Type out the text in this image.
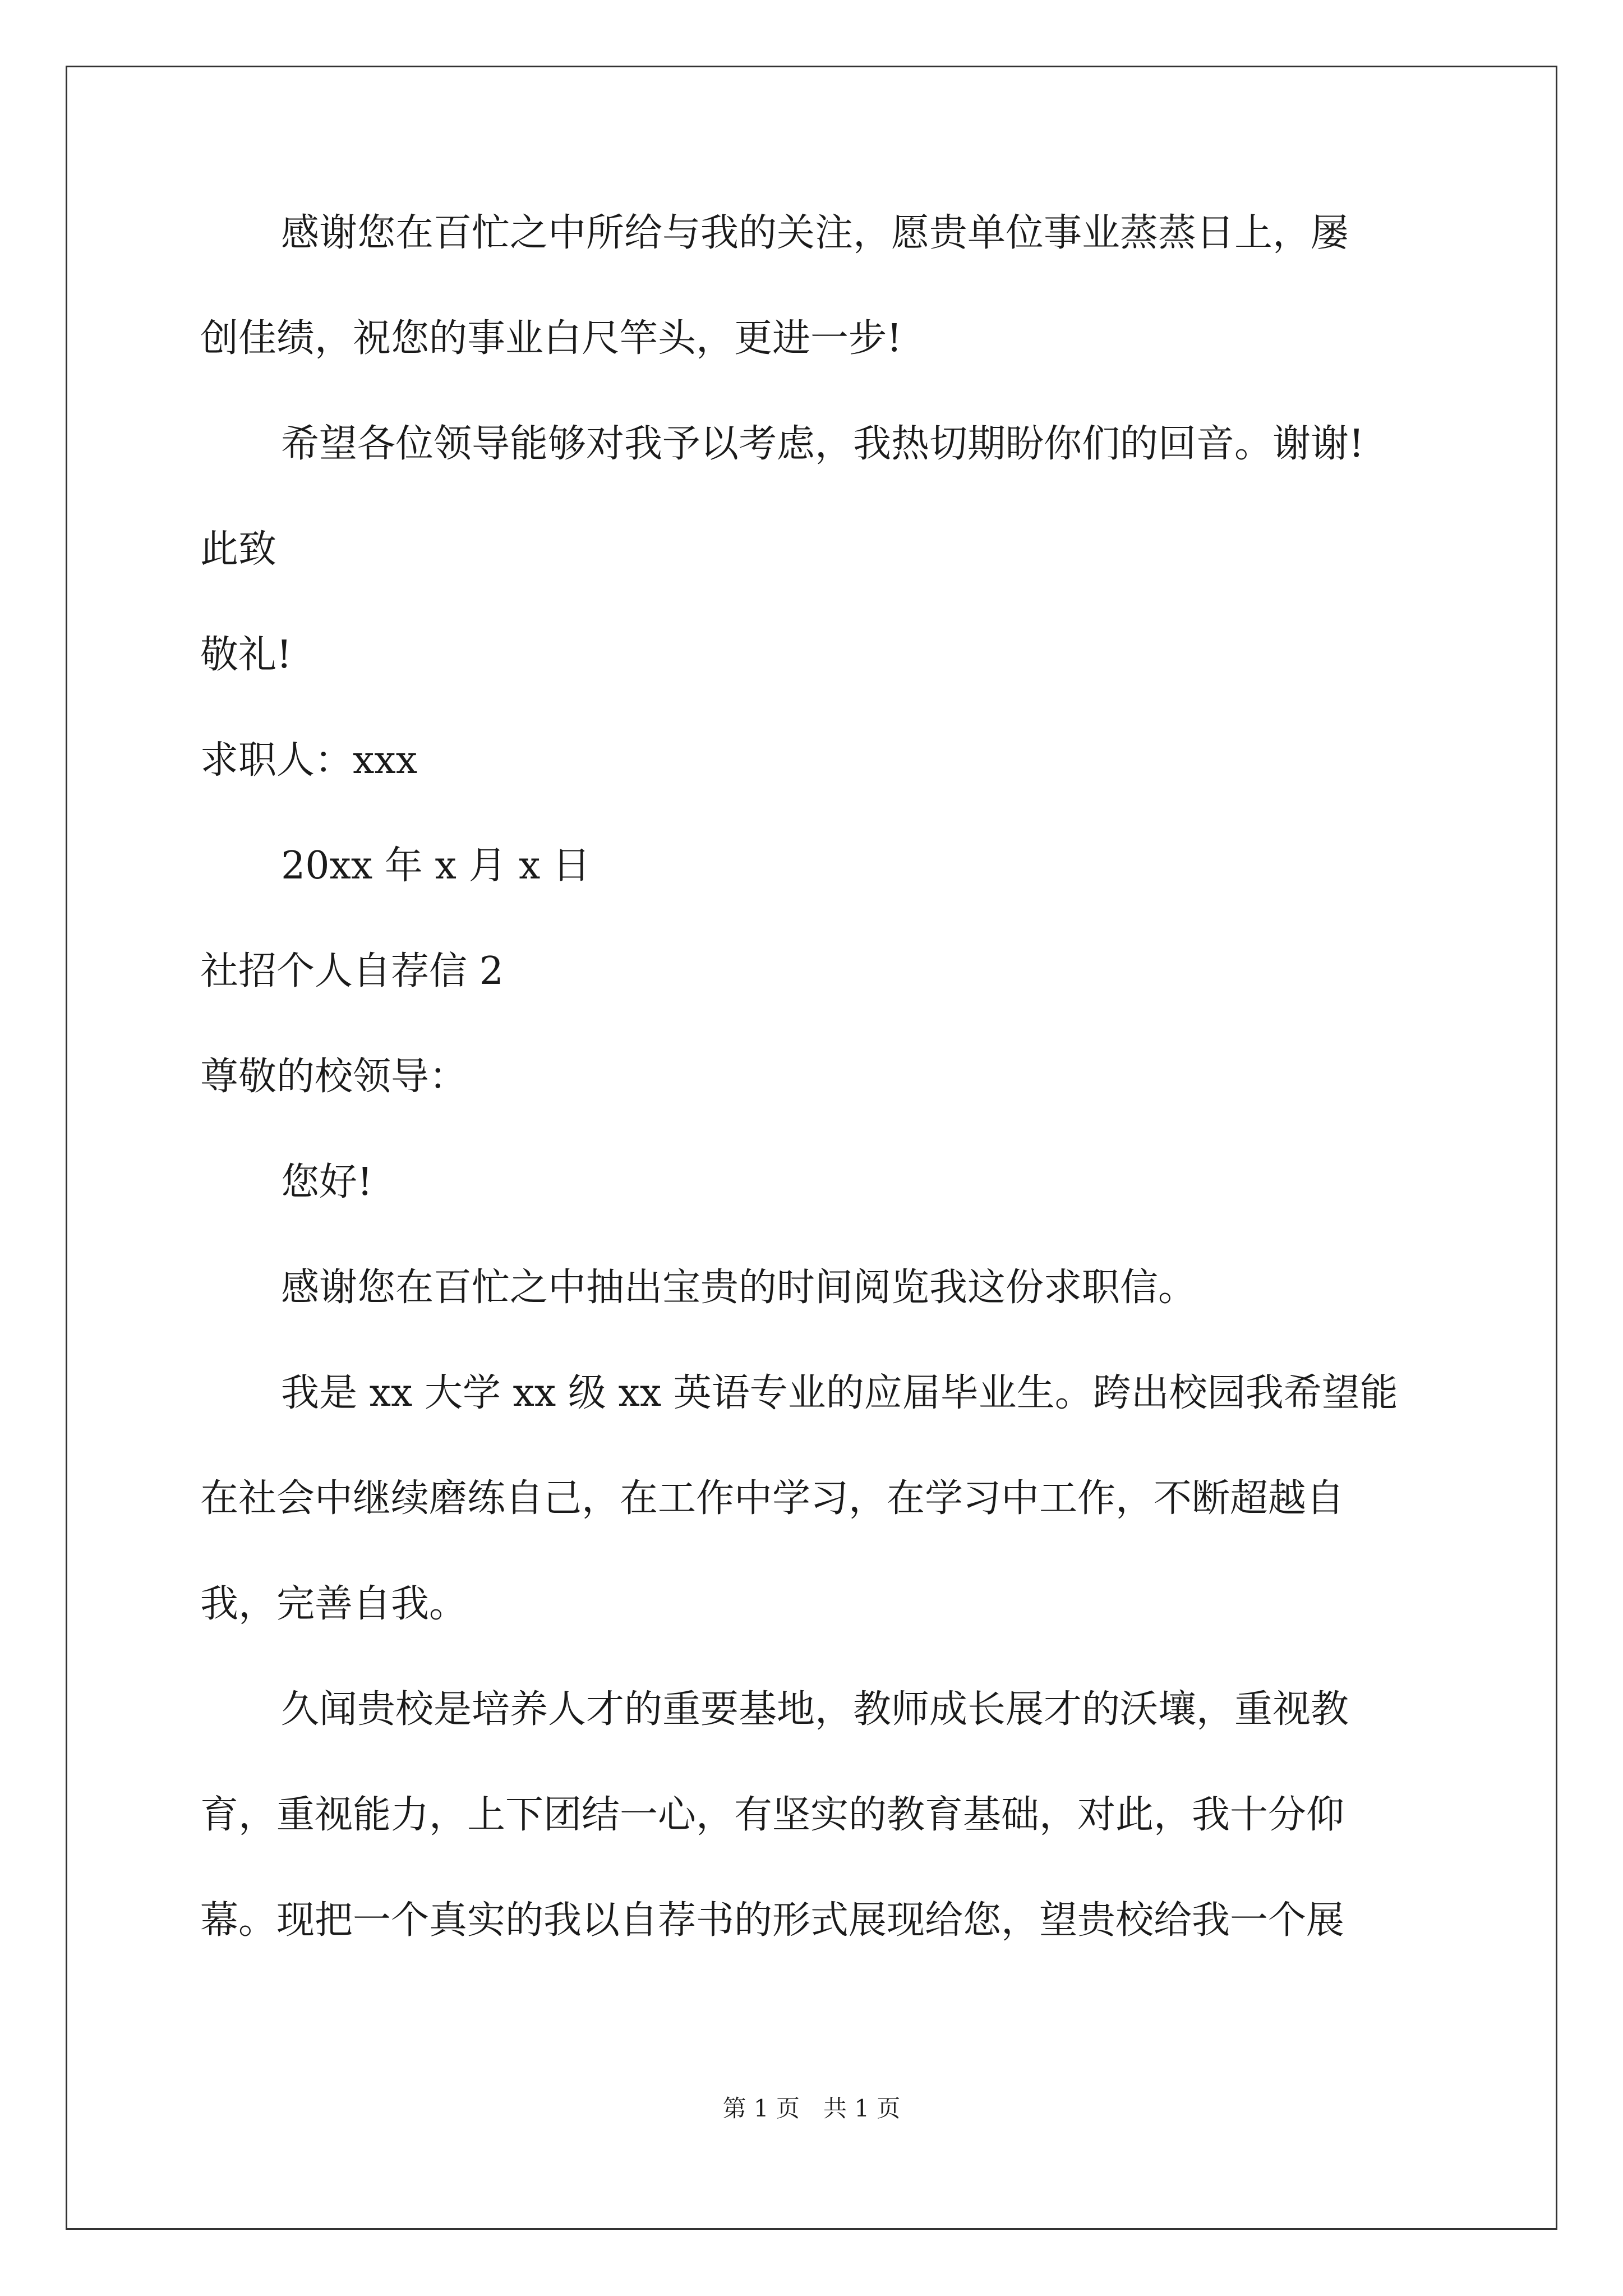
感谢您在百忙之中所给与我的关注，愿贵单位事业蒸蒸日上，屡
创佳绩，祝您的事业白尺竿头，更进一步!
希望各位领导能够对我予以考虑，我热切期盼你们的回音。谢谢!
此致
敬礼!
求职人：xxx
20xx 年 x 月 x 日
社招个人自荐信 2
尊敬的校领导：
您好!
感谢您在百忙之中抽出宝贵的时间阅览我这份求职信。
我是 xx 大学 xx 级 xx 英语专业的应届毕业生。跨出校园我希望能
在社会中继续磨练自己，在工作中学习，在学习中工作，不断超越自
我，完善自我。
久闻贵校是培养人才的重要基地，教师成长展才的沃壤，重视教
育，重视能力，上下团结一心，有坚实的教育基础，对此，我十分仰
幕。现把一个真实的我以自荐书的形式展现给您，望贵校给我一个展
第 1 页　共 1 页
